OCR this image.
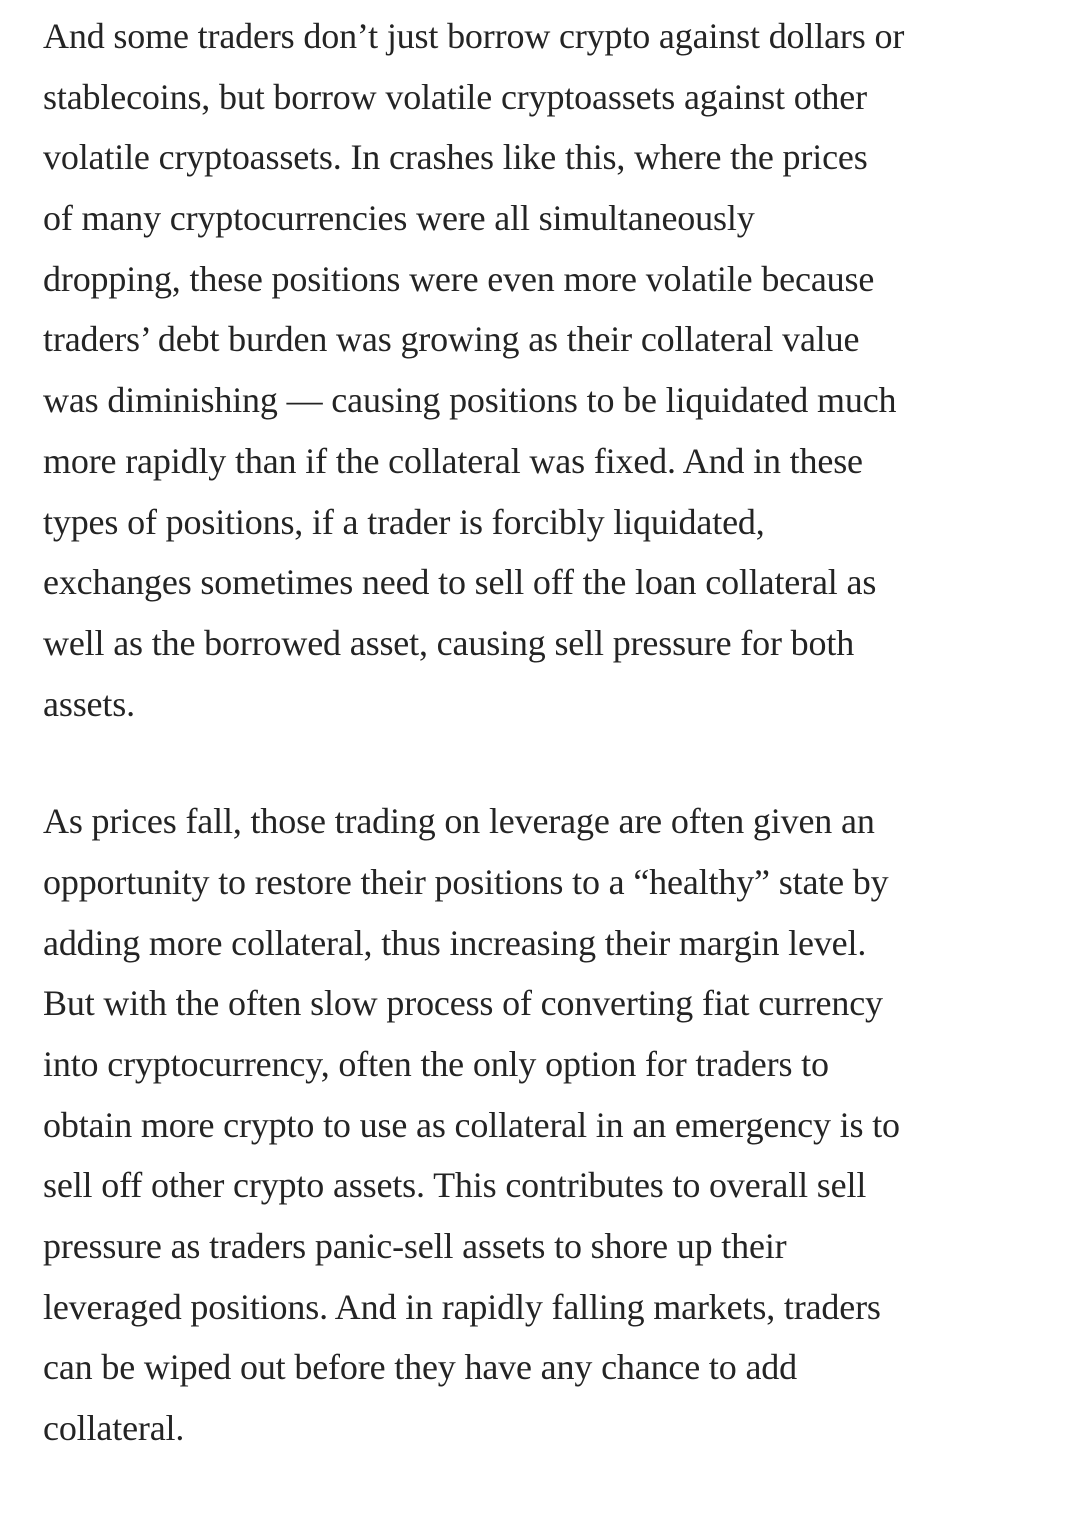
And some traders don’t just borrow crypto against dollars or
stablecoins, but borrow volatile cryptoassets against other
volatile cryptoassets. In crashes like this, where the prices
of many cryptocurrencies were all simultaneously
dropping, these positions were even more volatile because
traders’ debt burden was growing as their collateral value
was diminishing — causing positions to be liquidated much
more rapidly than if the collateral was fixed. And in these
types of positions, if a trader is forcibly liquidated,
exchanges sometimes need to sell off the loan collateral as
well as the borrowed asset, causing sell pressure for both
assets.

As prices fall, those trading on leverage are often given an
opportunity to restore their positions to a “healthy” state by
adding more collateral, thus increasing their margin level.
But with the often slow process of converting fiat currency
into cryptocurrency, often the only option for traders to
obtain more crypto to use as collateral in an emergency is to
sell off other crypto assets. This contributes to overall sell
pressure as traders panic-sell assets to shore up their
leveraged positions. And in rapidly falling markets, traders
can be wiped out before they have any chance to add
collateral.
